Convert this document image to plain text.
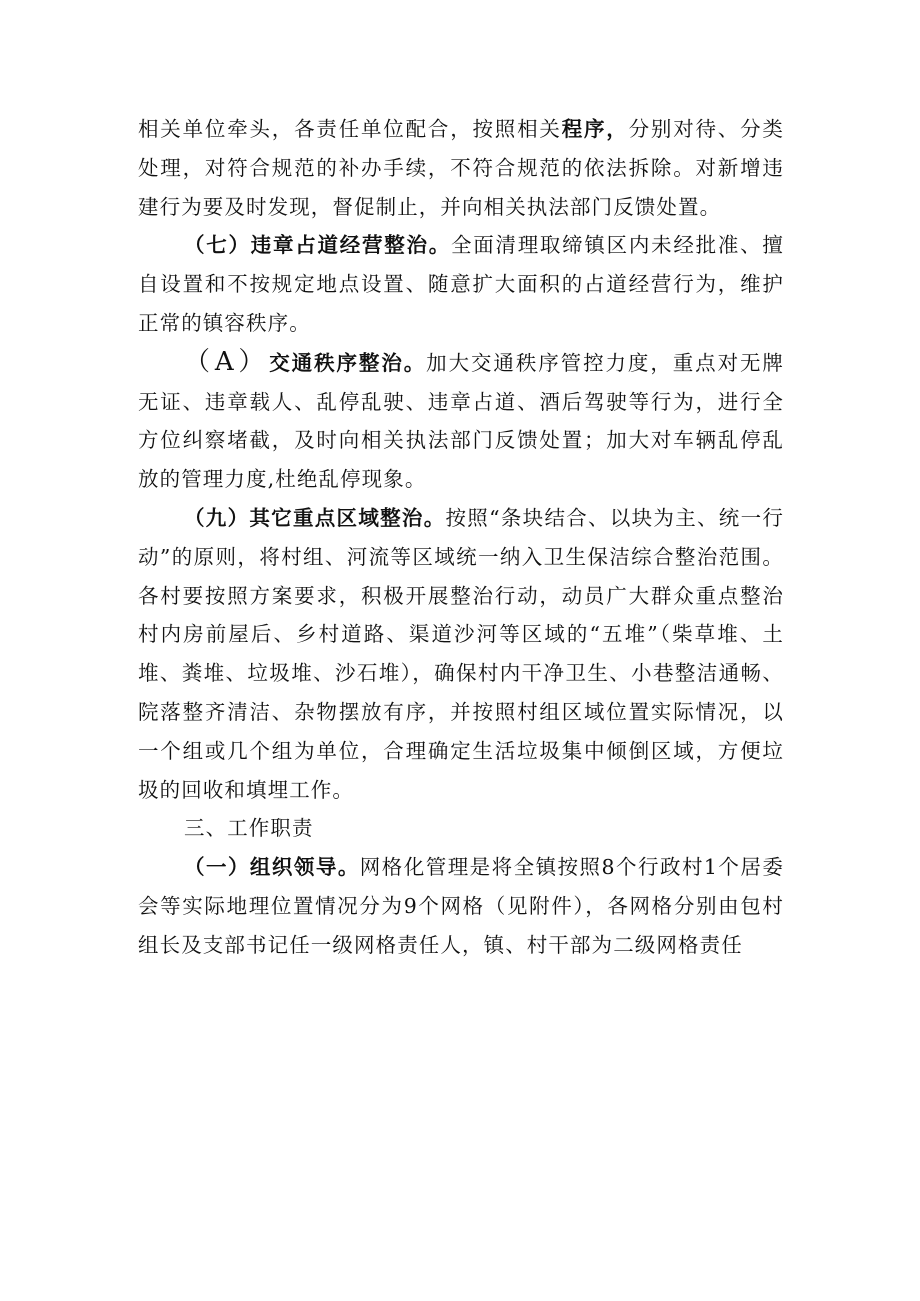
相关单位牵头，各责任单位配合，按照相关程序，分别对待、分类处理，对符合规范的补办手续，不符合规范的依法拆除。对新增违建行为要及时发现，督促制止，并向相关执法部门反馈处置。

（七）违章占道经营整治。全面清理取缔镇区内未经批准、擅自设置和不按规定地点设置、随意扩大面积的占道经营行为，维护正常的镇容秩序。

（A）交通秩序整治。加大交通秩序管控力度，重点对无牌无证、违章载人、乱停乱驶、违章占道、酒后驾驶等行为，进行全方位纠察堵截，及时向相关执法部门反馈处置；加大对车辆乱停乱放的管理力度,杜绝乱停现象。

（九）其它重点区域整治。按照“条块结合、以块为主、统一行动”的原则，将村组、河流等区域统一纳入卫生保洁综合整治范围。各村要按照方案要求，积极开展整治行动，动员广大群众重点整治村内房前屋后、乡村道路、渠道沙河等区域的“五堆”（柴草堆、土堆、粪堆、垃圾堆、沙石堆），确保村内干净卫生、小巷整洁通畅、院落整齐清洁、杂物摆放有序，并按照村组区域位置实际情况，以一个组或几个组为单位，合理确定生活垃圾集中倾倒区域，方便垃圾的回收和填埋工作。

三、工作职责

（一）组织领导。网格化管理是将全镇按照8个行政村1个居委会等实际地理位置情况分为9个网格（见附件），各网格分别由包村组长及支部书记任一级网格责任人，镇、村干部为二级网格责任
